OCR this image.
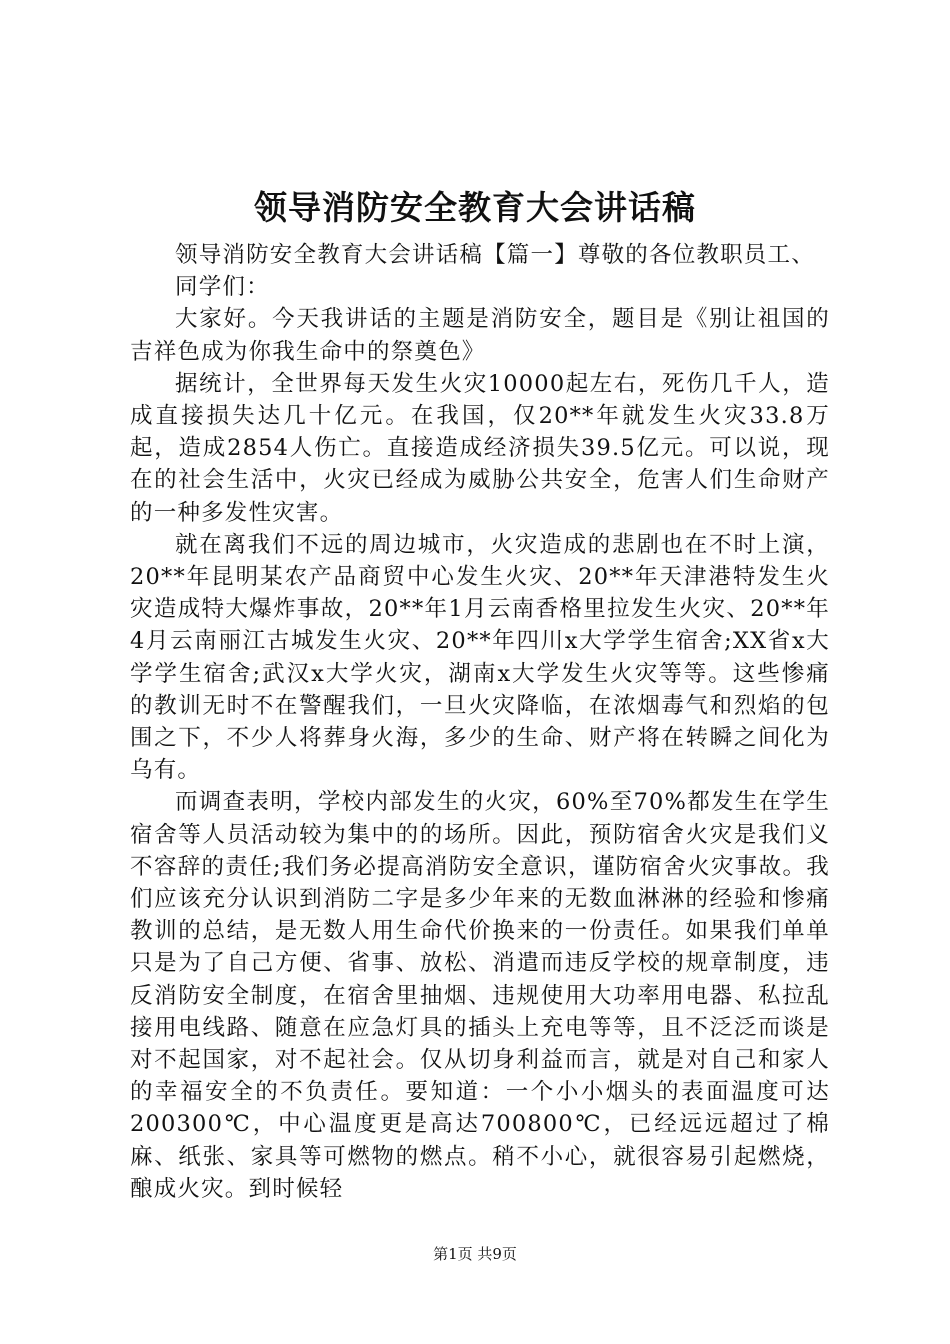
领导消防安全教育大会讲话稿

领导消防安全教育大会讲话稿【篇一】尊敬的各位教职员工、

同学们：

大家好。今天我讲话的主题是消防安全，题目是《别让祖国的吉祥色成为你我生命中的祭奠色》

据统计，全世界每天发生火灾10000起左右，死伤几千人，造成直接损失达几十亿元。在我国，仅20**年就发生火灾33.8万起，造成2854人伤亡。直接造成经济损失39.5亿元。可以说，现在的社会生活中，火灾已经成为威胁公共安全，危害人们生命财产的一种多发性灾害。

就在离我们不远的周边城市，火灾造成的悲剧也在不时上演，20**年昆明某农产品商贸中心发生火灾、20**年天津港特发生火灾造成特大爆炸事故，20**年1月云南香格里拉发生火灾、20**年4月云南丽江古城发生火灾、20**年四川x大学学生宿舍;XX省x大学学生宿舍;武汉x大学火灾，湖南x大学发生火灾等等。这些惨痛的教训无时不在警醒我们，一旦火灾降临，在浓烟毒气和烈焰的包围之下，不少人将葬身火海，多少的生命、财产将在转瞬之间化为乌有。

而调查表明，学校内部发生的火灾，60%至70%都发生在学生宿舍等人员活动较为集中的的场所。因此，预防宿舍火灾是我们义不容辞的责任;我们务必提高消防安全意识，谨防宿舍火灾事故。我们应该充分认识到消防二字是多少年来的无数血淋淋的经验和惨痛教训的总结，是无数人用生命代价换来的一份责任。如果我们单单只是为了自己方便、省事、放松、消遣而违反学校的规章制度，违反消防安全制度，在宿舍里抽烟、违规使用大功率用电器、私拉乱接用电线路、随意在应急灯具的插头上充电等等，且不泛泛而谈是对不起国家，对不起社会。仅从切身利益而言，就是对自己和家人的幸福安全的不负责任。要知道：一个小小烟头的表面温度可达200300℃，中心温度更是高达700800℃，已经远远超过了棉麻、纸张、家具等可燃物的燃点。稍不小心，就很容易引起燃烧，酿成火灾。到时候轻

第1页 共9页
